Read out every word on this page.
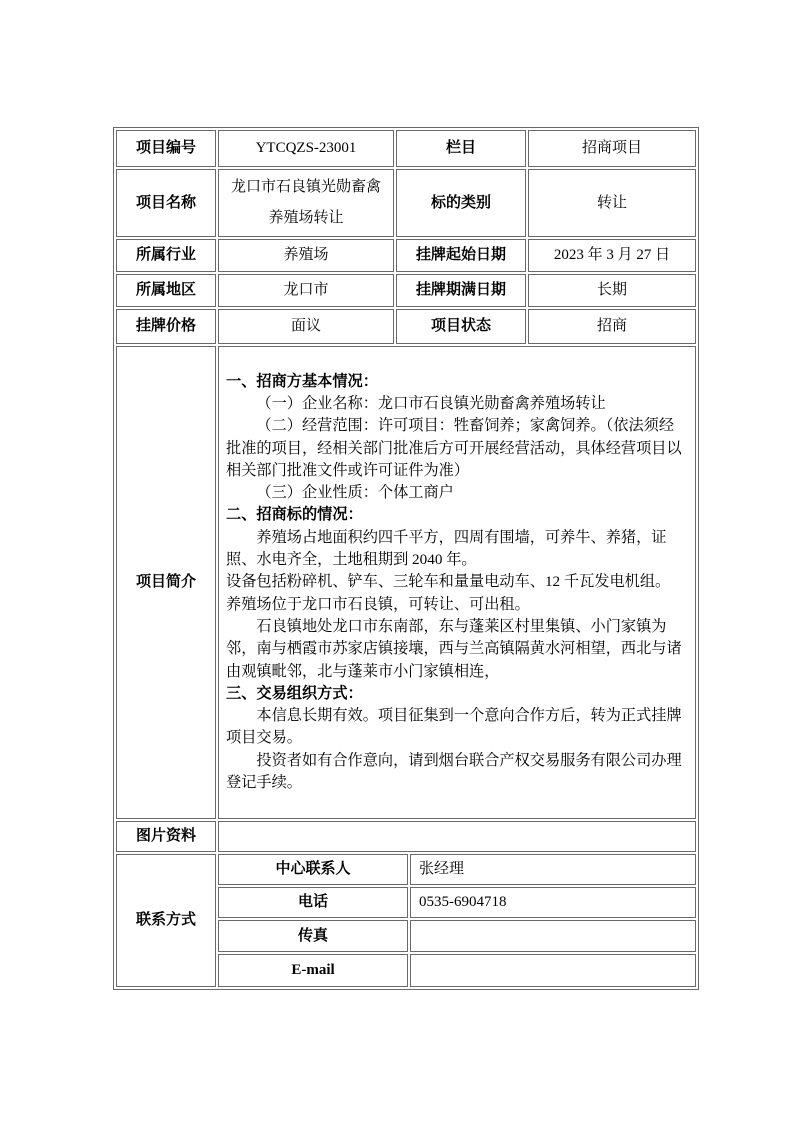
项目编号	YTCQZS-23001	栏目		招商项目
项目名称	龙口市石良镇光勋畜禽养殖场转让	标的类别		转让
所属行业	养殖场	挂牌起始日期		2023 年 3 月 27 日
所属地区	龙口市	挂牌期满日期		长期
挂牌价格	面议	项目状态		招商
项目简介	

一、招商方基本情况：

（一）企业名称：龙口市石良镇光勋畜禽养殖场转让

（二）经营范围：许可项目：牲畜饲养；家禽饲养。（依法须经批准的项目，经相关部门批准后方可开展经营活动，具体经营项目以相关部门批准文件或许可证件为准）

（三）企业性质：个体工商户

二、招商标的情况：

养殖场占地面积约四千平方，四周有围墙，可养牛、养猪，证照、水电齐全，土地租期到 2040 年。

设备包括粉碎机、铲车、三轮车和量量电动车、12 千瓦发电机组。

养殖场位于龙口市石良镇，可转让、可出租。

石良镇地处龙口市东南部，东与蓬莱区村里集镇、小门家镇为邻，南与栖霞市苏家店镇接壤，西与兰高镇隔黄水河相望，西北与诸由观镇毗邻，北与蓬莱市小门家镇相连，

三、交易组织方式：

本信息长期有效。项目征集到一个意向合作方后，转为正式挂牌项目交易。

投资者如有合作意向，请到烟台联合产权交易服务有限公司办理登记手续。

图片资料				
联系方式	中心联系人		张经理	
	电话		0535-6904718	
	传真			
	E-mail			
